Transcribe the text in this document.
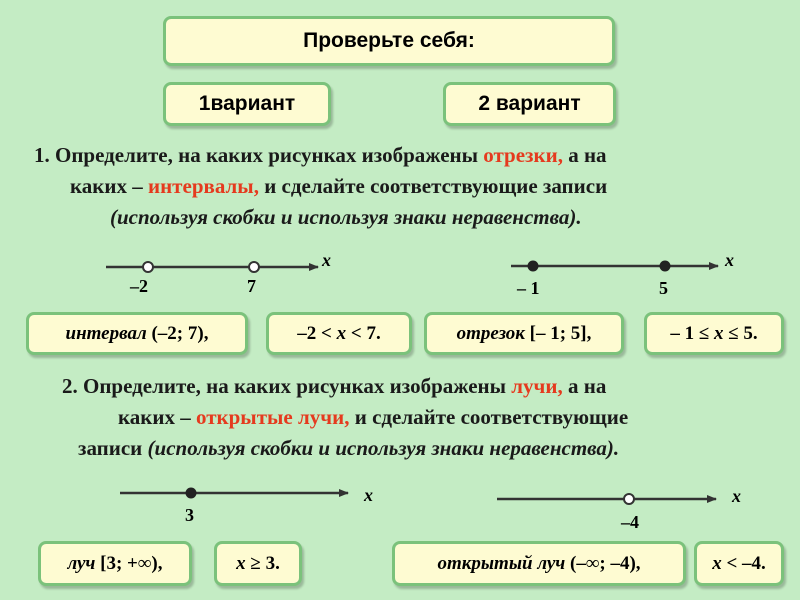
Проверьте себя:
1вариант	2 вариант
1. Определите, на каких рисунках изображены отрезки, а на
каких – интервалы, и сделайте соответствующие записи
(используя скобки и используя знаки неравенства).
x
–2	7
x
– 1	5
x
3
x
–4
интервал (–2; 7),	–2 < x < 7.	отрезок [– 1; 5],	– 1 ≤ x ≤ 5.
2. Определите, на каких рисунках изображены лучи, а на
каких – открытые лучи, и сделайте соответствующие
записи (используя скобки и используя знаки неравенства).
луч [3; +∞),	x ≥ 3.	открытый луч (–∞; –4),	x < –4.
